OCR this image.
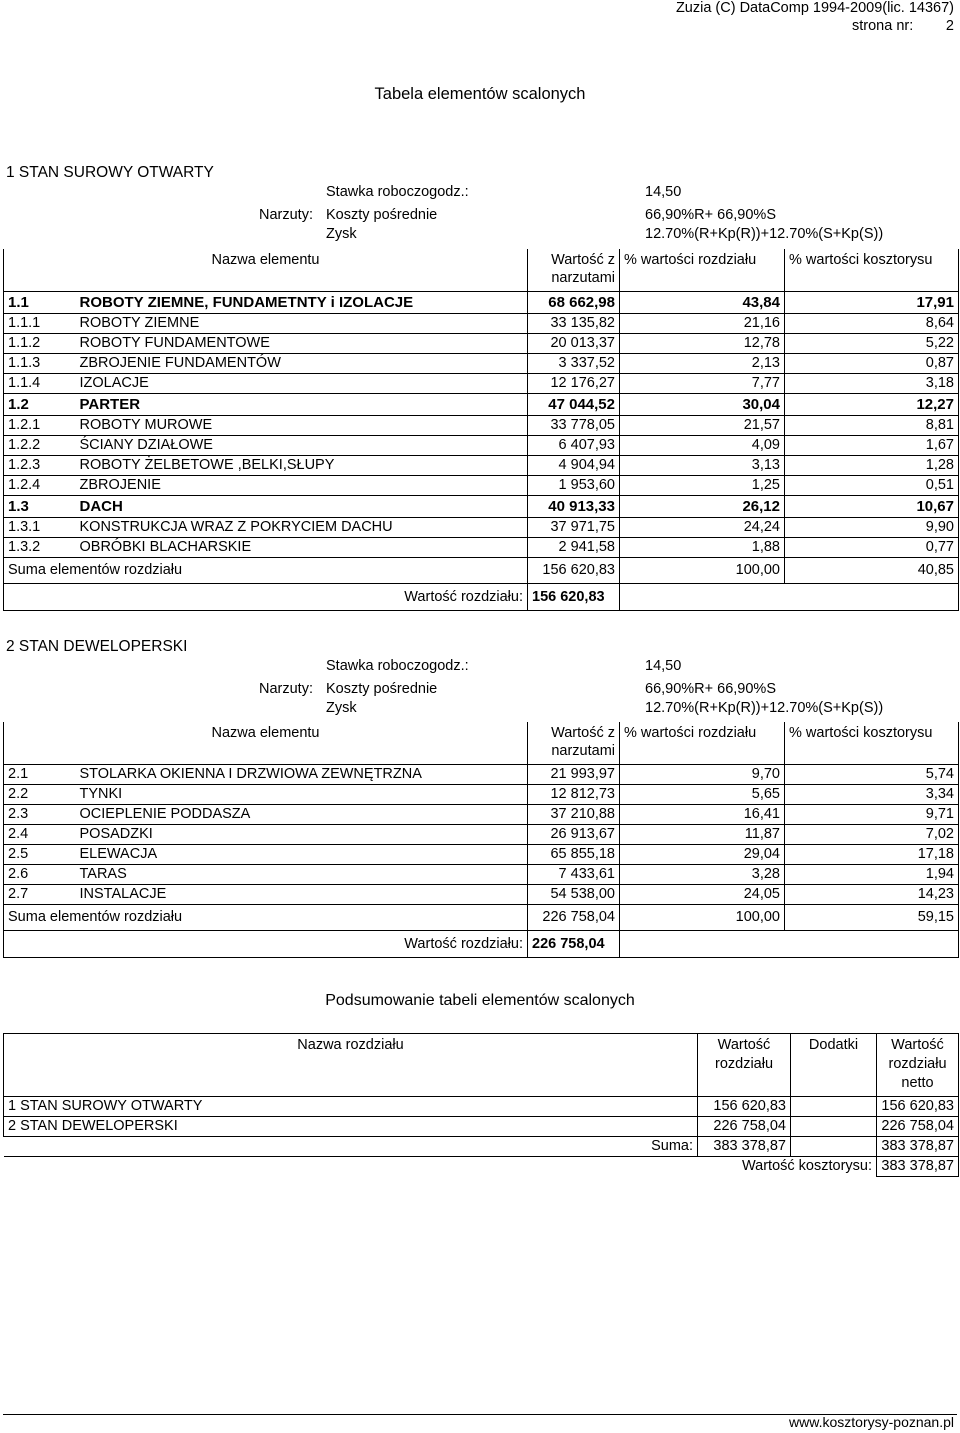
Zuzia (C) DataComp 1994-2009(lic. 14367)
strona nr: 2
Tabela elementów scalonych
1 STAN SUROWY OTWARTY
Stawka roboczogodz.:	14,50
Narzuty: Koszty pośrednie	66,90%R+ 66,90%S
Zysk	12.70%(R+Kp(R))+12.70%(S+Kp(S))
Nazwa elementu		Wartość z narzutami	% wartości rozdziału	% wartości kosztorysu
1.1	ROBOTY ZIEMNE, FUNDAMETNTY i IZOLACJE	68 662,98	43,84	17,91
1.1.1	ROBOTY ZIEMNE	33 135,82	21,16	8,64
1.1.2	ROBOTY FUNDAMENTOWE	20 013,37	12,78	5,22
1.1.3	ZBROJENIE FUNDAMENTÓW	3 337,52	2,13	0,87
1.1.4	IZOLACJE	12 176,27	7,77	3,18
1.2	PARTER	47 044,52	30,04	12,27
1.2.1	ROBOTY MUROWE	33 778,05	21,57	8,81
1.2.2	ŚCIANY DZIAŁOWE	6 407,93	4,09	1,67
1.2.3	ROBOTY ŻELBETOWE ,BELKI,SŁUPY	4 904,94	3,13	1,28
1.2.4	ZBROJENIE	1 953,60	1,25	0,51
1.3	DACH	40 913,33	26,12	10,67
1.3.1	KONSTRUKCJA WRAZ Z POKRYCIEM DACHU	37 971,75	24,24	9,90
1.3.2	OBRÓBKI BLACHARSKIE	2 941,58	1,88	0,77
Suma elementów rozdziału		156 620,83	100,00	40,85
Wartość rozdziału:		156 620,83		
2 STAN DEWELOPERSKI
Stawka roboczogodz.:	14,50
Narzuty: Koszty pośrednie	66,90%R+ 66,90%S
Zysk	12.70%(R+Kp(R))+12.70%(S+Kp(S))
Nazwa elementu		Wartość z narzutami	% wartości rozdziału	% wartości kosztorysu
2.1	STOLARKA OKIENNA I DRZWIOWA ZEWNĘTRZNA	21 993,97	9,70	5,74
2.2	TYNKI	12 812,73	5,65	3,34
2.3	OCIEPLENIE PODDASZA	37 210,88	16,41	9,71
2.4	POSADZKI	26 913,67	11,87	7,02
2.5	ELEWACJA	65 855,18	29,04	17,18
2.6	TARAS	7 433,61	3,28	1,94
2.7	INSTALACJE	54 538,00	24,05	14,23
Suma elementów rozdziału		226 758,04	100,00	59,15
Wartość rozdziału:		226 758,04		
Podsumowanie tabeli elementów scalonych
Nazwa rozdziału	Wartość rozdziału	Dodatki	Wartość rozdziału netto
1 STAN SUROWY OTWARTY	156 620,83		156 620,83
2 STAN DEWELOPERSKI	226 758,04		226 758,04
Suma:	383 378,87		383 378,87
Wartość kosztorysu:			383 378,87
www.kosztorysy-poznan.pl
